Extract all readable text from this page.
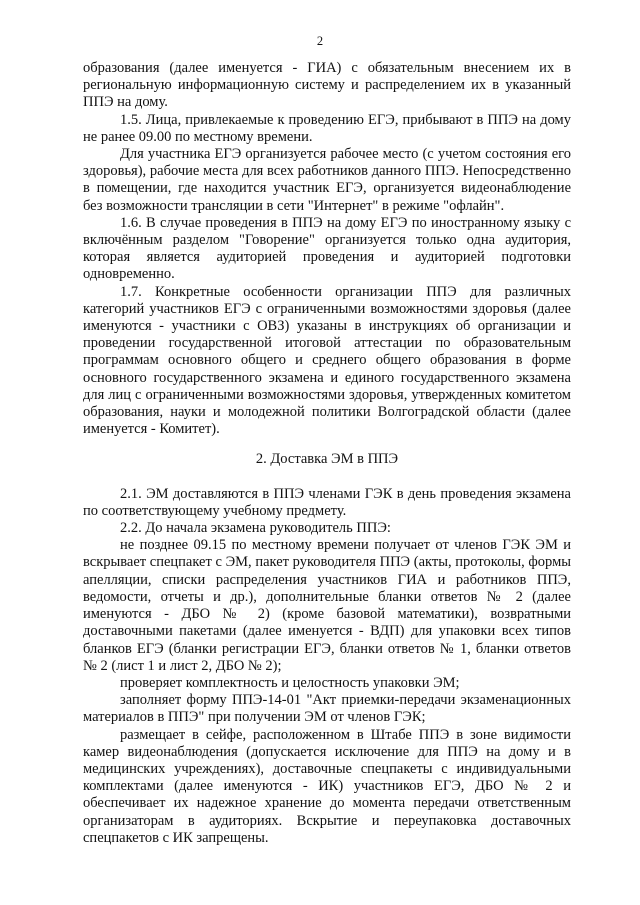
2

образования (далее именуется - ГИА) с обязательным внесением их в региональную информационную систему и распределением их в указанный ППЭ на дому.

1.5. Лица, привлекаемые к проведению ЕГЭ, прибывают в ППЭ на дому не ранее 09.00 по местному времени.

Для участника ЕГЭ организуется рабочее место (с учетом состояния его здоровья), рабочие места для всех работников данного ППЭ. Непосредственно в помещении, где находится участник ЕГЭ, организуется видеонаблюдение без возможности трансляции в сети "Интернет" в режиме "офлайн".

1.6. В случае проведения в ППЭ на дому ЕГЭ по иностранному языку с включённым разделом "Говорение" организуется только одна аудитория, которая является аудиторией проведения и аудиторией подготовки одновременно.

1.7. Конкретные особенности организации ППЭ для различных категорий участников ЕГЭ с ограниченными возможностями здоровья (далее именуются - участники с ОВЗ) указаны в инструкциях об организации и проведении государственной итоговой аттестации по образовательным программам основного общего и среднего общего образования в форме основного государственного экзамена и единого государственного экзамена для лиц с ограниченными возможностями здоровья, утвержденных комитетом образования, науки и молодежной политики Волгоградской области (далее именуется - Комитет).

2. Доставка ЭМ в ППЭ

2.1. ЭМ доставляются в ППЭ членами ГЭК в день проведения экзамена по соответствующему учебному предмету.

2.2. До начала экзамена руководитель ППЭ:

не позднее 09.15 по местному времени получает от членов ГЭК ЭМ и вскрывает спецпакет с ЭМ, пакет руководителя ППЭ (акты, протоколы, формы апелляции, списки распределения участников ГИА и работников ППЭ, ведомости, отчеты и др.), дополнительные бланки ответов № 2 (далее именуются - ДБО № 2) (кроме базовой математики), возвратными доставочными пакетами (далее именуется - ВДП) для упаковки всех типов бланков ЕГЭ (бланки регистрации ЕГЭ, бланки ответов № 1, бланки ответов № 2 (лист 1 и лист 2, ДБО № 2);

проверяет комплектность и целостность упаковки ЭМ;

заполняет форму ППЭ-14-01 "Акт приемки-передачи экзаменационных материалов в ППЭ" при получении ЭМ от членов ГЭК;

размещает в сейфе, расположенном в Штабе ППЭ в зоне видимости камер видеонаблюдения (допускается исключение для ППЭ на дому и в медицинских учреждениях), доставочные спецпакеты с индивидуальными комплектами (далее именуются - ИК) участников ЕГЭ, ДБО № 2 и обеспечивает их надежное хранение до момента передачи ответственным организаторам в аудиториях. Вскрытие и переупаковка доставочных спецпакетов с ИК запрещены.
